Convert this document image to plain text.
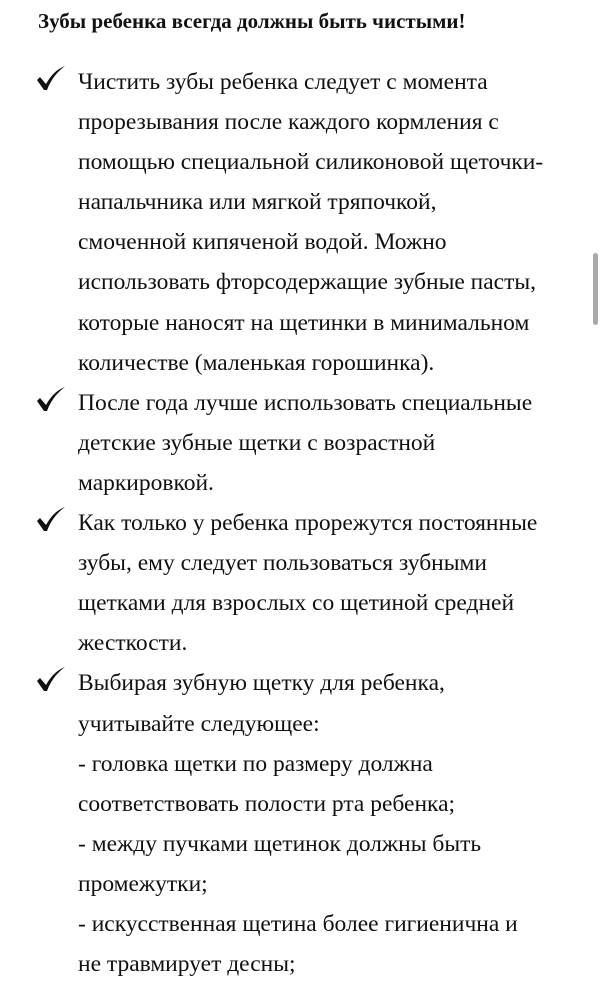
Зубы ребенка всегда должны быть чистыми!
Чистить зубы ребенка следует с момента
прорезывания после каждого кормления с
помощью специальной силиконовой щеточки-
напальчника или мягкой тряпочкой,
смоченной кипяченой водой. Можно
использовать фторсодержащие зубные пасты,
которые наносят на щетинки в минимальном
количестве (маленькая горошинка).
После года лучше использовать специальные
детские зубные щетки с возрастной
маркировкой.
Как только у ребенка прорежутся постоянные
зубы, ему следует пользоваться зубными
щетками для взрослых со щетиной средней
жесткости.
Выбирая зубную щетку для ребенка,
учитывайте следующее:
- головка щетки по размеру должна
соответствовать полости рта ребенка;
- между пучками щетинок должны быть
промежутки;
- искусственная щетина более гигиенична и
не травмирует десны;
